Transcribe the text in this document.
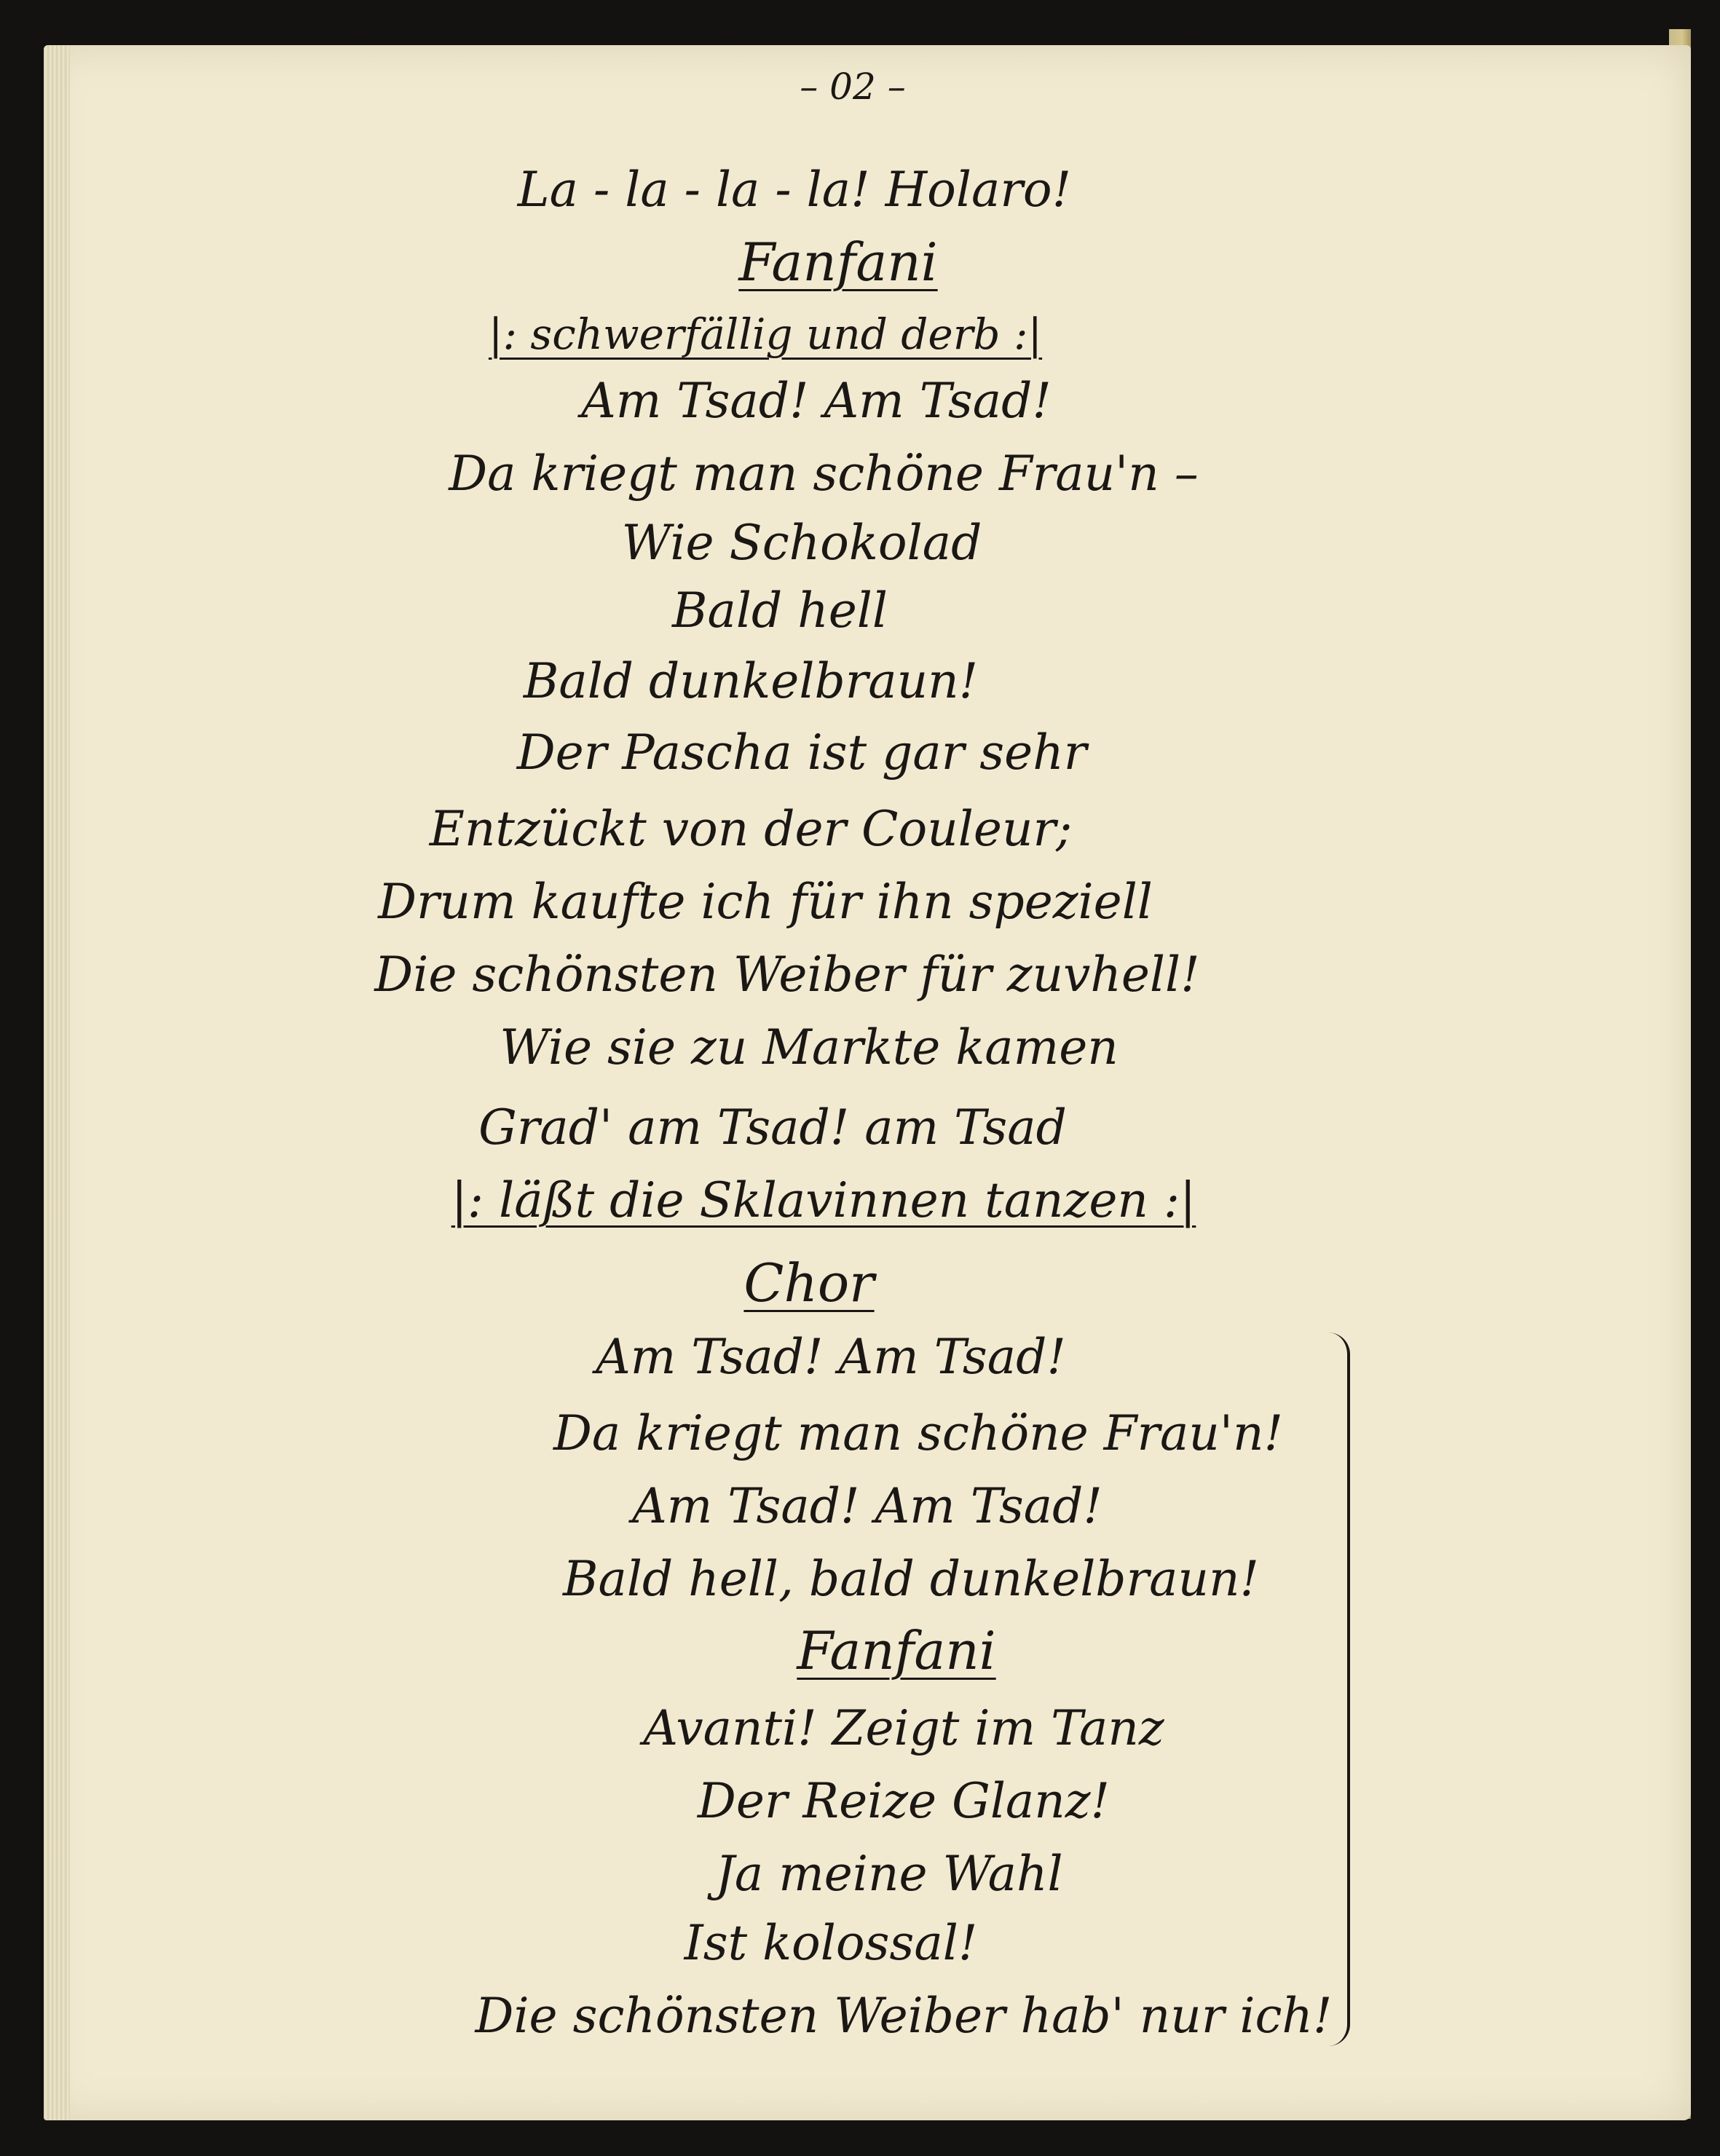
– 02 –
La - la - la - la! Holaro!
Fanfani
|: schwerfällig und derb :|
Am Tsad! Am Tsad!
Da kriegt man schöne Frau'n –
Wie Schokolad
Bald hell
Bald dunkelbraun!
Der Pascha ist gar sehr
Entzückt von der Couleur;
Drum kaufte ich für ihn speziell
Die schönsten Weiber für zuvhell!
Wie sie zu Markte kamen
Grad' am Tsad! am Tsad
|: läßt die Sklavinnen tanzen :|
Chor
Am Tsad! Am Tsad!
Da kriegt man schöne Frau'n!
Am Tsad! Am Tsad!
Bald hell, bald dunkelbraun!
Fanfani
Avanti! Zeigt im Tanz
Der Reize Glanz!
Ja meine Wahl
Ist kolossal!
Die schönsten Weiber hab' nur ich!
